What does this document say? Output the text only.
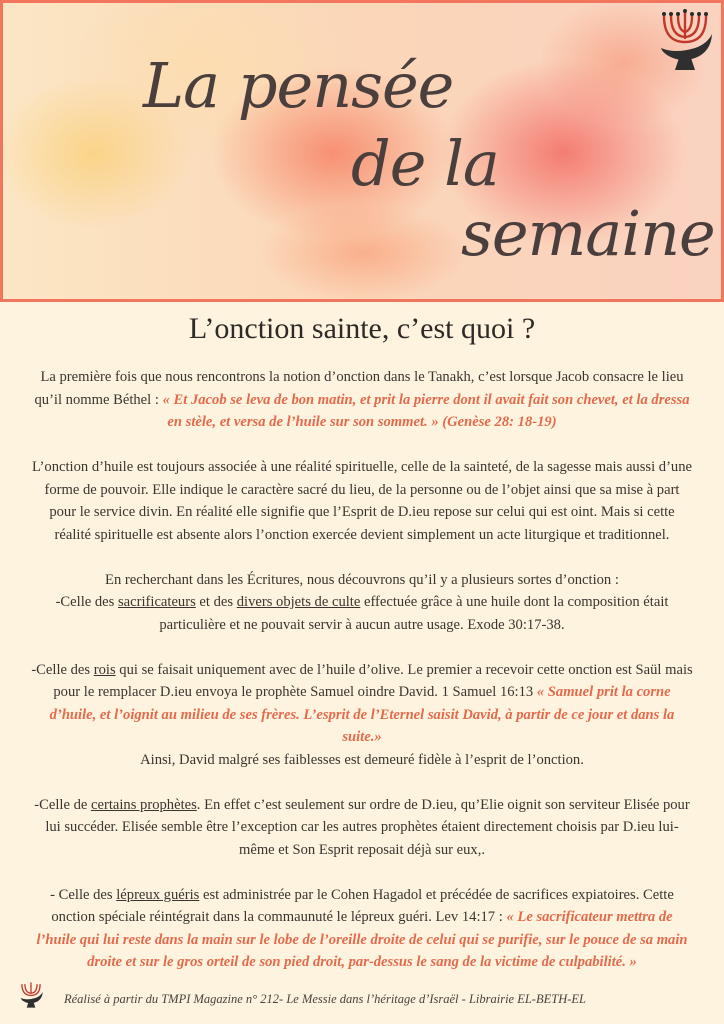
La pensée
de la
semaine
L’onction sainte, c’est quoi ?

La première fois que nous rencontrons la notion d’onction dans le Tanakh, c’est lorsque Jacob consacre le lieu qu’il nomme Béthel : « Et Jacob se leva de bon matin, et prit la pierre dont il avait fait son chevet, et la dressa en stèle, et versa de l’huile sur son sommet. » (Genèse 28: 18-19)

L’onction d’huile est toujours associée à une réalité spirituelle, celle de la sainteté, de la sagesse mais aussi d’une forme de pouvoir. Elle indique le caractère sacré du lieu, de la personne ou de l’objet ainsi que sa mise à part pour le service divin. En réalité elle signifie que l’Esprit de D.ieu repose sur celui qui est oint. Mais si cette réalité spirituelle est absente alors l’onction exercée devient simplement un acte liturgique et traditionnel.

En recherchant dans les Écritures, nous découvrons qu’il y a plusieurs sortes d’onction :
-Celle des sacrificateurs et des divers objets de culte effectuée grâce à une huile dont la composition était particulière et ne pouvait servir à aucun autre usage. Exode 30:17-38.

-Celle des rois qui se faisait uniquement avec de l’huile d’olive. Le premier a recevoir cette onction est Saül mais pour le remplacer D.ieu envoya le prophète Samuel oindre David. 1 Samuel 16:13 « Samuel prit la corne d’huile, et l’oignit au milieu de ses frères. L’esprit de l’Eternel saisit David, à partir de ce jour et dans la suite.»
Ainsi, David malgré ses faiblesses est demeuré fidèle à l’esprit de l’onction.

-Celle de certains prophètes. En effet c’est seulement sur ordre de D.ieu, qu’Elie oignit son serviteur Elisée pour lui succéder. Elisée semble être l’exception car les autres prophètes étaient directement choisis par D.ieu lui-même et Son Esprit reposait déjà sur eux,.

- Celle des lépreux guéris est administrée par le Cohen Hagadol et précédée de sacrifices expiatoires. Cette onction spéciale réintégrait dans la commaunuté le lépreux guéri. Lev 14:17 : « Le sacrificateur mettra de l’huile qui lui reste dans la main sur le lobe de l’oreille droite de celui qui se purifie, sur le pouce de sa main droite et sur le gros orteil de son pied droit, par-dessus le sang de la victime de culpabilité. »

Réalisé à partir du TMPI Magazine n° 212- Le Messie dans l’héritage d’Israël - Librairie EL-BETH-EL
